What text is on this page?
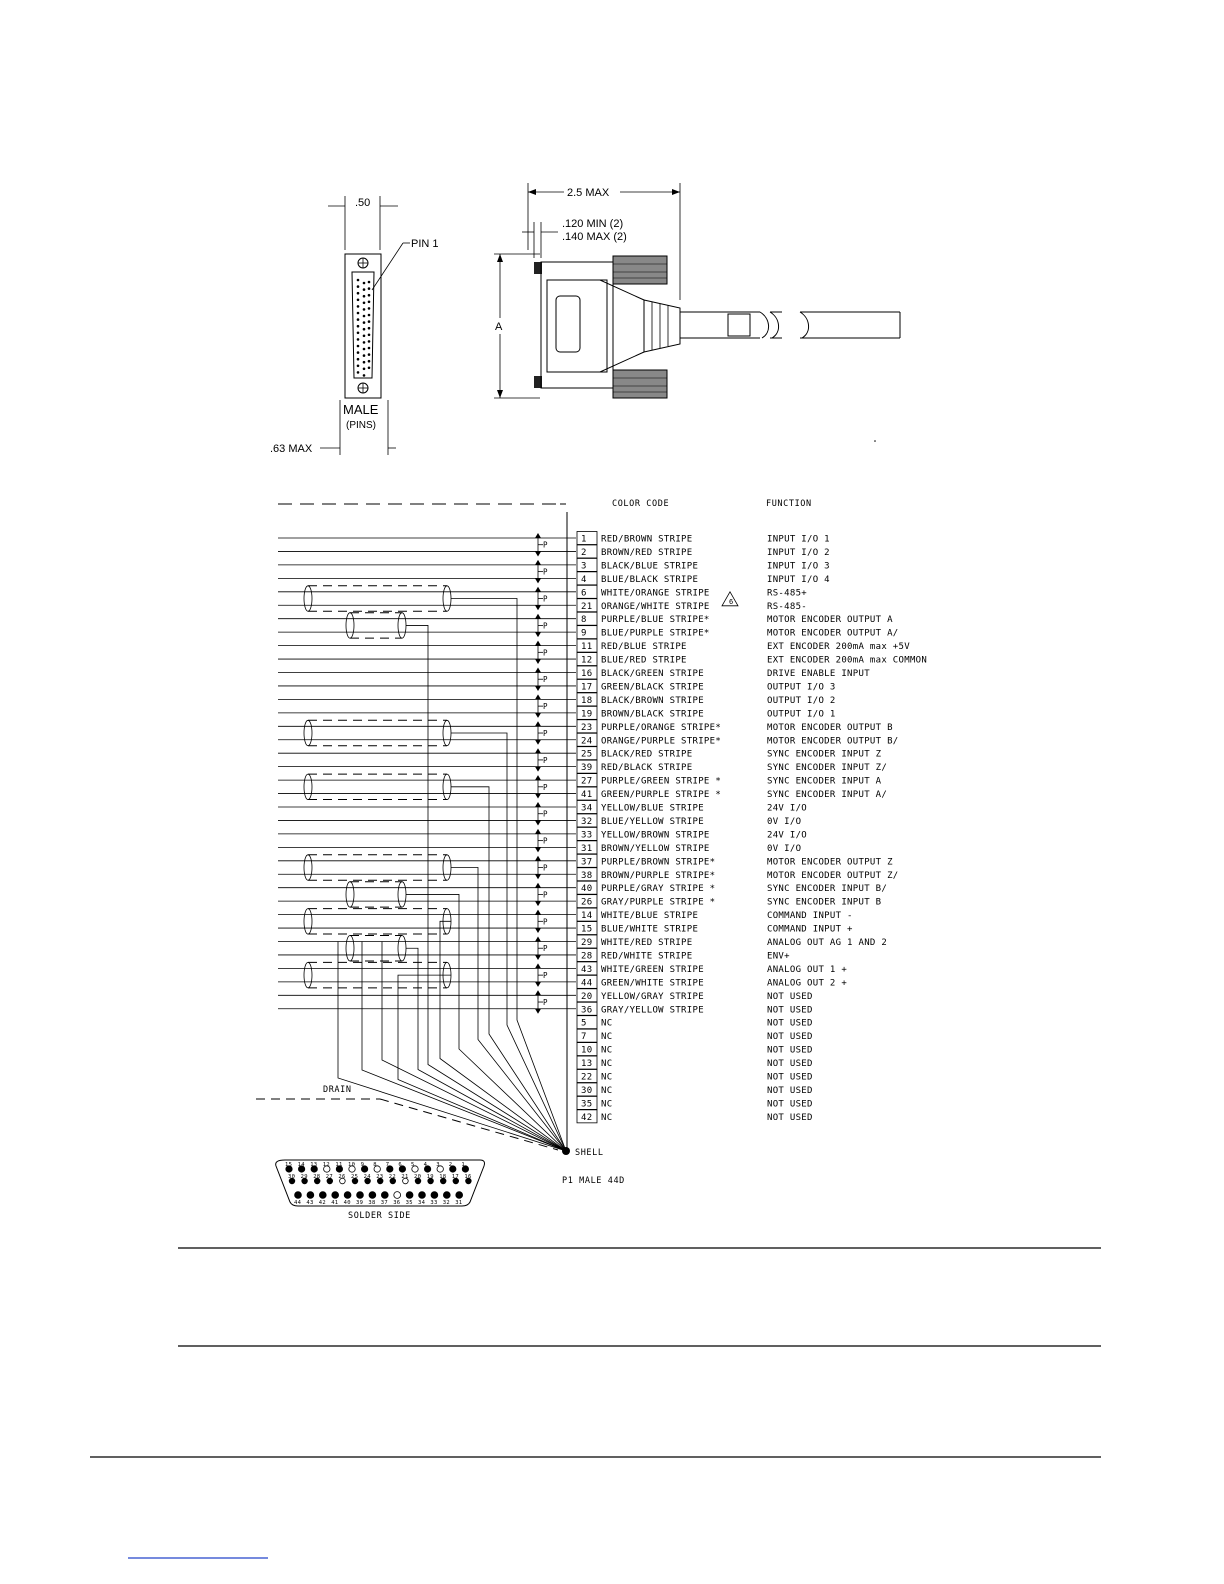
.50
PIN 1
MALE
(PINS)
.63 MAX
2.5 MAX
.120 MIN (2)
.140 MAX (2)
A
COLOR CODE	FUNCTION
1 RED/BROWN STRIPE	INPUT I/O 1
2 BROWN/RED STRIPE	INPUT I/O 2
3 BLACK/BLUE STRIPE	INPUT I/O 3
4 BLUE/BLACK STRIPE	INPUT I/O 4
6 WHITE/ORANGE STRIPE	RS-485+
21 ORANGE/WHITE STRIPE	RS-485-
8 PURPLE/BLUE STRIPE*	MOTOR ENCODER OUTPUT A
9 BLUE/PURPLE STRIPE*	MOTOR ENCODER OUTPUT A/
11 RED/BLUE STRIPE	EXT ENCODER 200mA max +5V
12 BLUE/RED STRIPE	EXT ENCODER 200mA max COMMON
16 BLACK/GREEN STRIPE	DRIVE ENABLE INPUT
17 GREEN/BLACK STRIPE	OUTPUT I/O 3
18 BLACK/BROWN STRIPE	OUTPUT I/O 2
19 BROWN/BLACK STRIPE	OUTPUT I/O 1
23 PURPLE/ORANGE STRIPE*	MOTOR ENCODER OUTPUT B
24 ORANGE/PURPLE STRIPE*	MOTOR ENCODER OUTPUT B/
25 BLACK/RED STRIPE	SYNC ENCODER INPUT Z
39 RED/BLACK STRIPE	SYNC ENCODER INPUT Z/
27 PURPLE/GREEN STRIPE *	SYNC ENCODER INPUT A
41 GREEN/PURPLE STRIPE *	SYNC ENCODER INPUT A/
34 YELLOW/BLUE STRIPE	24V I/O
32 BLUE/YELLOW STRIPE	0V I/O
33 YELLOW/BROWN STRIPE	24V I/O
31 BROWN/YELLOW STRIPE	0V I/O
37 PURPLE/BROWN STRIPE*	MOTOR ENCODER OUTPUT Z
38 BROWN/PURPLE STRIPE*	MOTOR ENCODER OUTPUT Z/
40 PURPLE/GRAY STRIPE *	SYNC ENCODER INPUT B/
26 GRAY/PURPLE STRIPE *	SYNC ENCODER INPUT B
14 WHITE/BLUE STRIPE	COMMAND INPUT -
15 BLUE/WHITE STRIPE	COMMAND INPUT +
29 WHITE/RED STRIPE	ANALOG OUT AG 1 AND 2
28 RED/WHITE STRIPE	ENV+
43 WHITE/GREEN STRIPE	ANALOG OUT 1 +
44 GREEN/WHITE STRIPE	ANALOG OUT 2 +
20 YELLOW/GRAY STRIPE	NOT USED
36 GRAY/YELLOW STRIPE	NOT USED
5 NC	NOT USED
7 NC	NOT USED
10 NC	NOT USED
13 NC	NOT USED
22 NC	NOT USED
30 NC	NOT USED
35 NC	NOT USED
42 NC	NOT USED
6
P
P
P
P
P
P
P
P
P
P
P
P
P
P
P
P
P
P
DRAIN
SHELL
P1 MALE 44D
15 14 13 12 11 10 9 8 7 6 5 4 3 2 1
30 29 28 27 26 25 24 23 22 21 20 19 18 17 16
44 43 42 41 40 39 38 37 36 35 34 33 32 31
SOLDER SIDE
